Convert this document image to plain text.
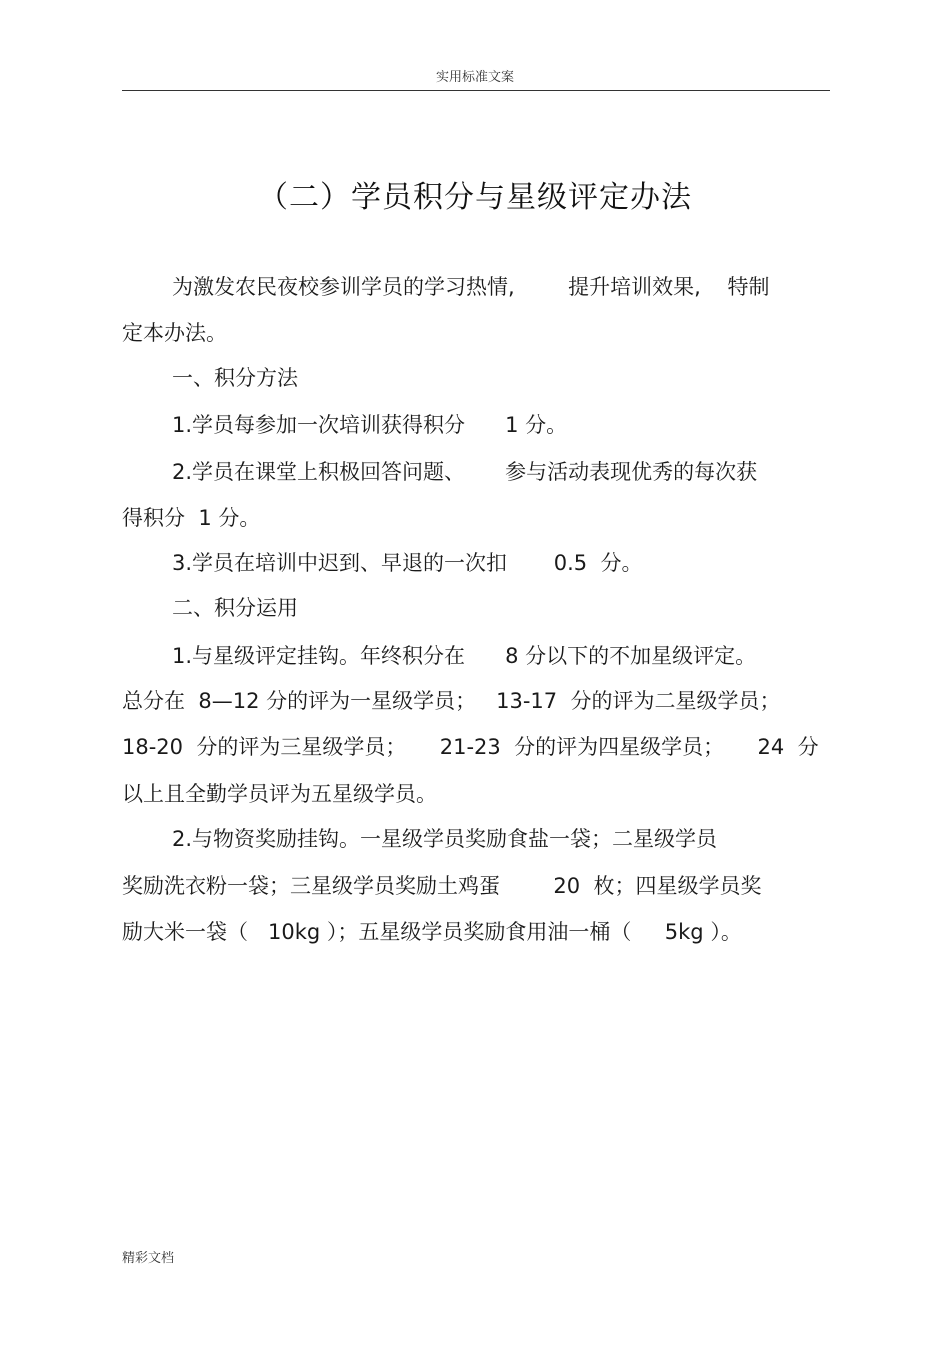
实用标准文案
（二）学员积分与星级评定办法
为激发农民夜校参训学员的学习热情,        提升培训效果,    特制
定本办法。
一、积分方法
1.学员每参加一次培训获得积分      1 分。
2.学员在课堂上积极回答问题、      参与活动表现优秀的每次获
得积分  1 分。
3.学员在培训中迟到、早退的一次扣       0.5  分。
二、积分运用
1.与星级评定挂钩。年终积分在      8 分以下的不加星级评定。
总分在  8—12 分的评为一星级学员；   13-17  分的评为二星级学员；
18-20  分的评为三星级学员；     21-23  分的评为四星级学员；     24  分
以上且全勤学员评为五星级学员。
2.与物资奖励挂钩。一星级学员奖励食盐一袋；二星级学员
奖励洗衣粉一袋；三星级学员奖励土鸡蛋        20  枚；四星级学员奖
励大米一袋（   10kg ）；五星级学员奖励食用油一桶（     5kg ）。
精彩文档
